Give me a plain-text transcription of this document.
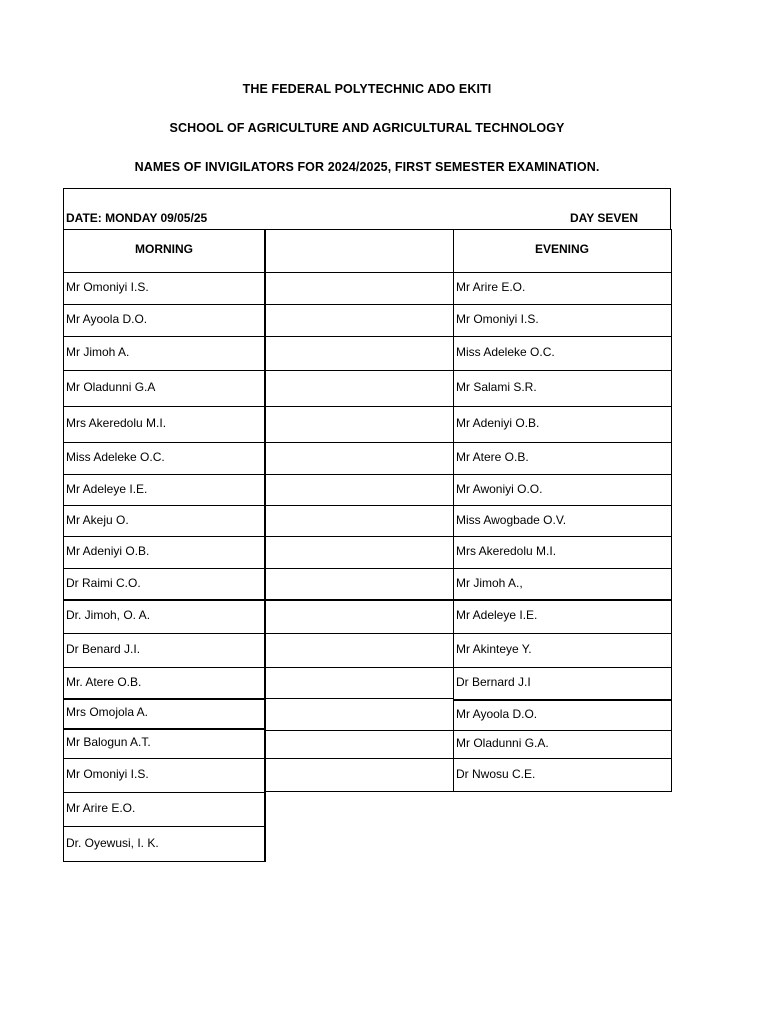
THE FEDERAL POLYTECHNIC ADO EKITI
SCHOOL OF AGRICULTURE AND AGRICULTURAL TECHNOLOGY
NAMES OF INVIGILATORS FOR 2024/2025, FIRST SEMESTER EXAMINATION.
DATE: MONDAY 09/05/25	DAY SEVEN
MORNING	EVENING
Mr Omoniyi I.S.
Mr Ayoola D.O.
Mr Jimoh A.
Mr Oladunni G.A
Mrs Akeredolu M.I.
Miss Adeleke O.C.
Mr Adeleye I.E.
Mr Akeju O.
Mr Adeniyi O.B.
Dr Raimi C.O.
Dr. Jimoh, O. A.
Dr Benard J.I.
Mr. Atere O.B.
Mrs Omojola A.
Mr Balogun A.T.
Mr Omoniyi I.S.
Mr Arire E.O.
Dr. Oyewusi, I. K.
Mr Arire E.O.
Mr Omoniyi I.S.
Miss Adeleke O.C.
Mr Salami S.R.
Mr Adeniyi O.B.
Mr Atere O.B.
Mr Awoniyi O.O.
Miss Awogbade O.V.
Mrs Akeredolu M.I.
Mr Jimoh A.,
Mr Adeleye I.E.
Mr Akinteye Y.
Dr Bernard J.I
Mr Ayoola D.O.
Mr Oladunni G.A.
Dr Nwosu C.E.
